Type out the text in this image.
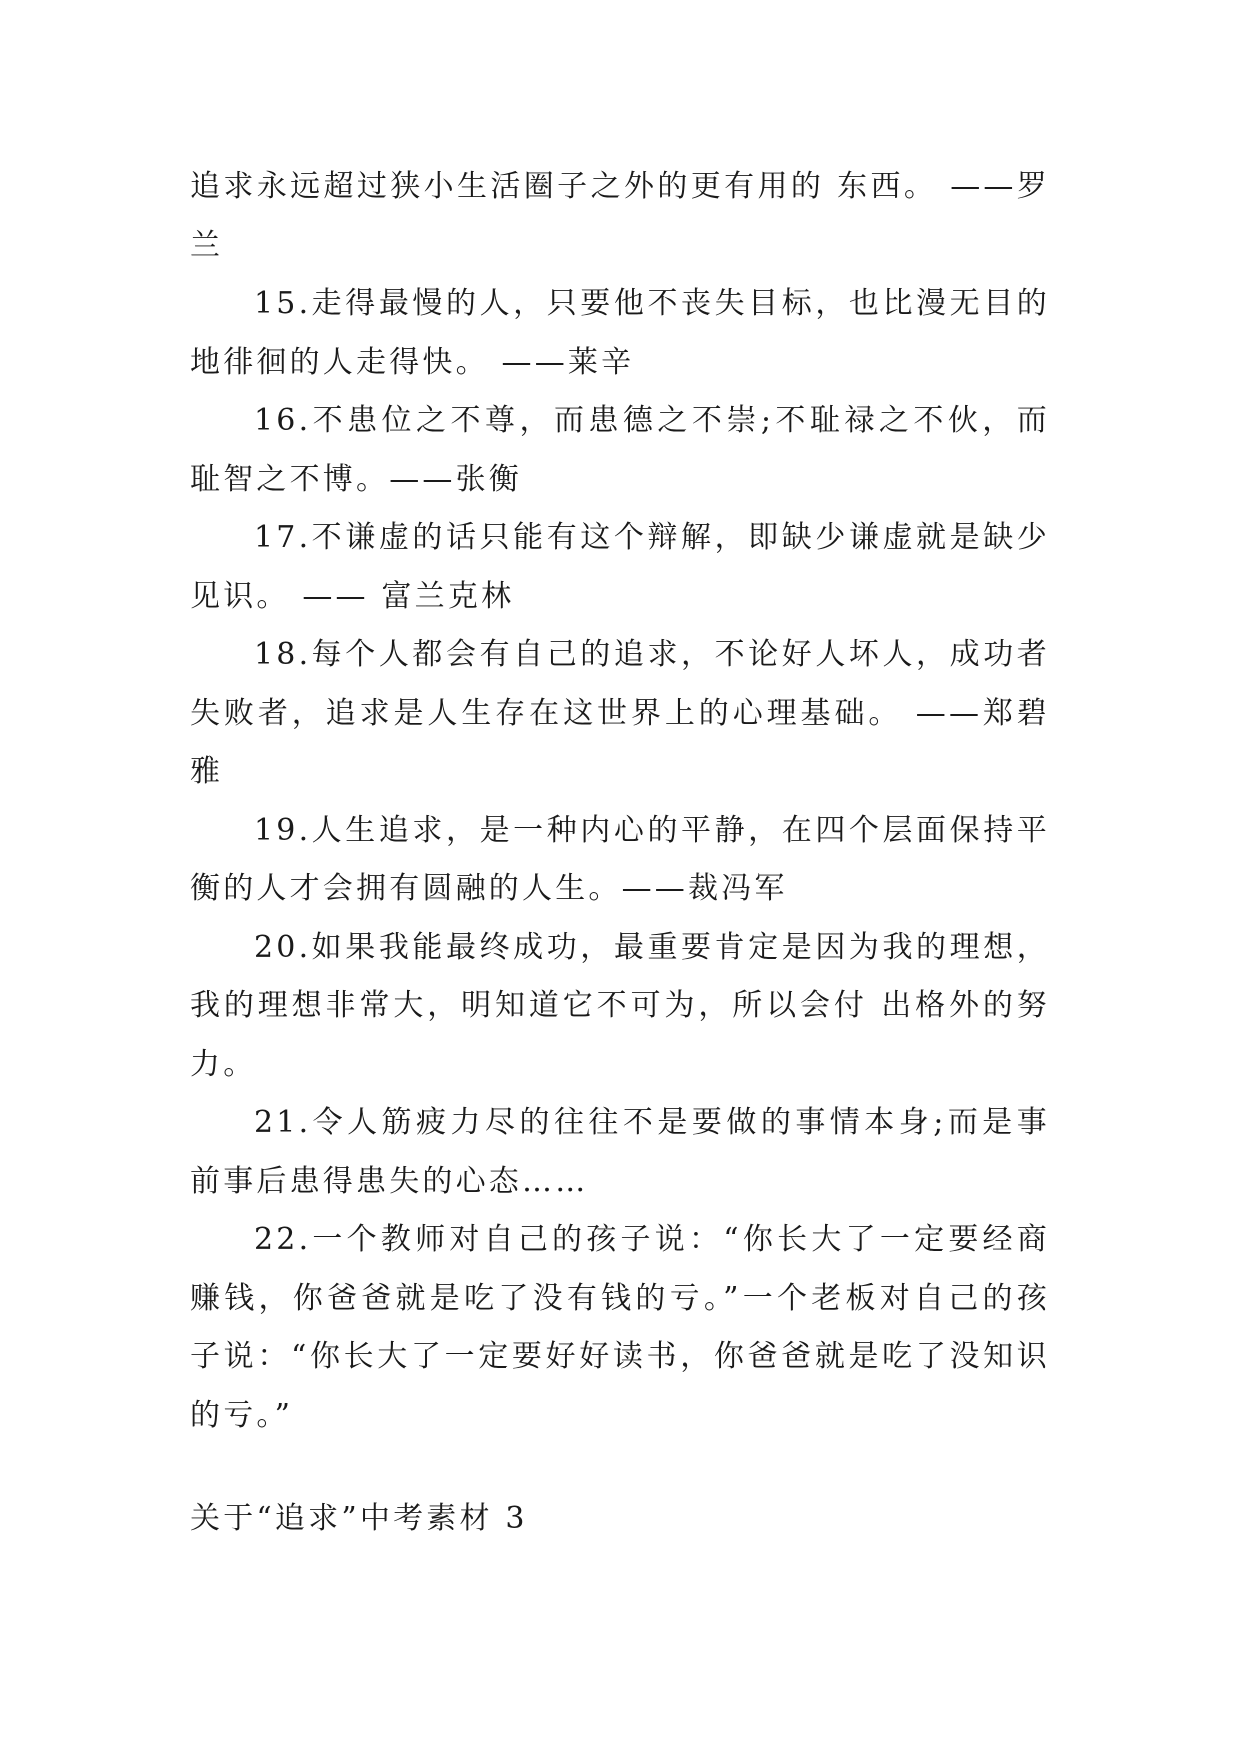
追求永远超过狭小生活圈子之外的更有用的 东西。 ——罗兰

15.走得最慢的人，只要他不丧失目标，也比漫无目的地徘徊的人走得快。 ——莱辛

16.不患位之不尊，而患德之不崇;不耻禄之不伙，而耻智之不博。——张衡

17.不谦虚的话只能有这个辩解，即缺少谦虚就是缺少见识。 —— 富兰克林

18.每个人都会有自己的追求，不论好人坏人，成功者失败者，追求是人生存在这世界上的心理基础。 ——郑碧雅

19.人生追求，是一种内心的平静，在四个层面保持平衡的人才会拥有圆融的人生。——裁冯军

20.如果我能最终成功，最重要肯定是因为我的理想，我的理想非常大，明知道它不可为，所以会付 出格外的努力。

21.令人筋疲力尽的往往不是要做的事情本身;而是事前事后患得患失的心态……

22.一个教师对自己的孩子说：“你长大了一定要经商赚钱，你爸爸就是吃了没有钱的亏。”一个老板对自己的孩子说：“你长大了一定要好好读书，你爸爸就是吃了没知识的亏。”

关于“追求”中考素材 3
